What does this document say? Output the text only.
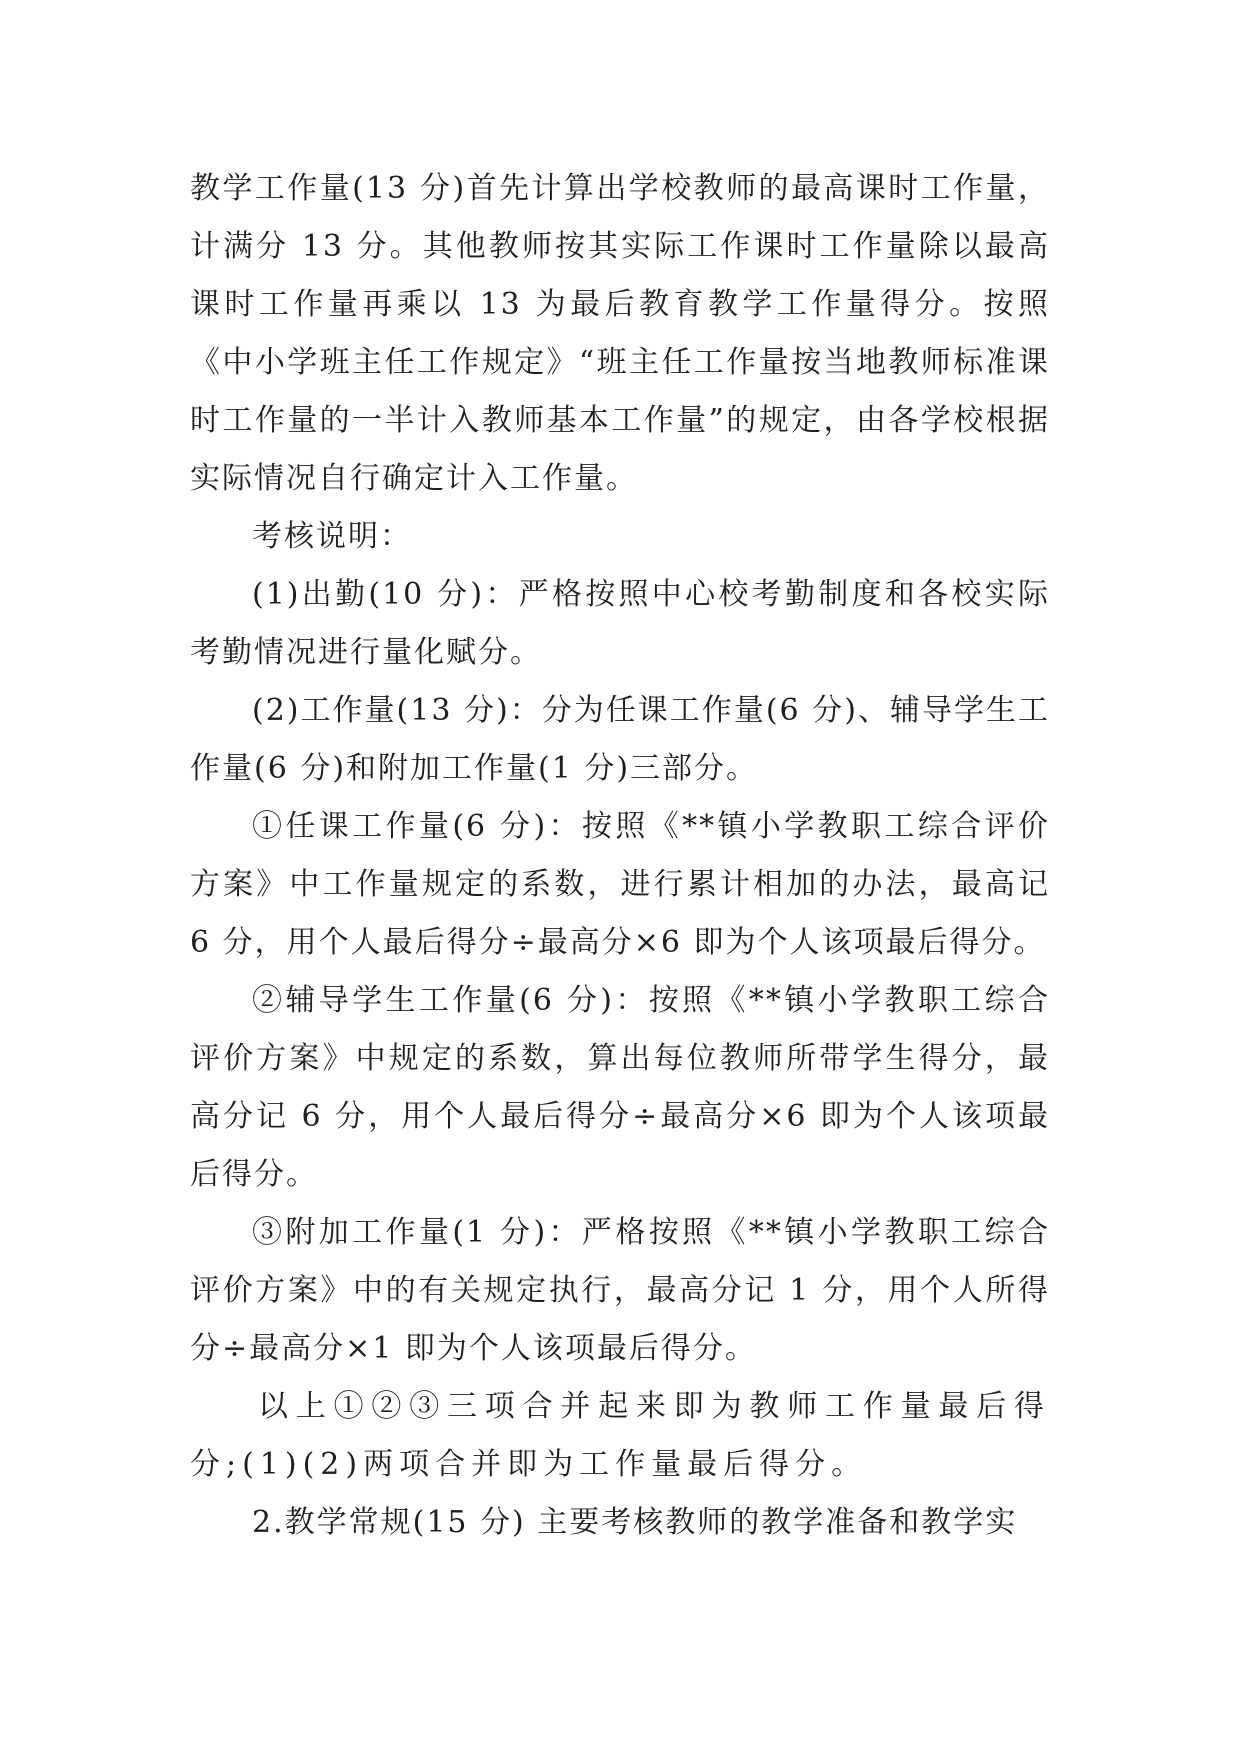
教学工作量(13 分)首先计算出学校教师的最高课时工作量，计满分 13 分。其他教师按其实际工作课时工作量除以最高课时工作量再乘以 13 为最后教育教学工作量得分。按照《中小学班主任工作规定》“班主任工作量按当地教师标准课时工作量的一半计入教师基本工作量”的规定，由各学校根据实际情况自行确定计入工作量。

考核说明：

(1)出勤(10 分)：严格按照中心校考勤制度和各校实际考勤情况进行量化赋分。

(2)工作量(13 分)：分为任课工作量(6 分)、辅导学生工作量(6 分)和附加工作量(1 分)三部分。

①任课工作量(6 分)：按照《**镇小学教职工综合评价方案》中工作量规定的系数，进行累计相加的办法，最高记 6 分，用个人最后得分÷最高分×6 即为个人该项最后得分。

②辅导学生工作量(6 分)：按照《**镇小学教职工综合评价方案》中规定的系数，算出每位教师所带学生得分，最高分记 6 分，用个人最后得分÷最高分×6 即为个人该项最后得分。

③附加工作量(1 分)：严格按照《**镇小学教职工综合评价方案》中的有关规定执行，最高分记 1 分，用个人所得分÷最高分×1 即为个人该项最后得分。

以上①②③三项合并起来即为教师工作量最后得分;(1)(2)两项合并即为工作量最后得分。

2.教学常规(15 分) 主要考核教师的教学准备和教学实
